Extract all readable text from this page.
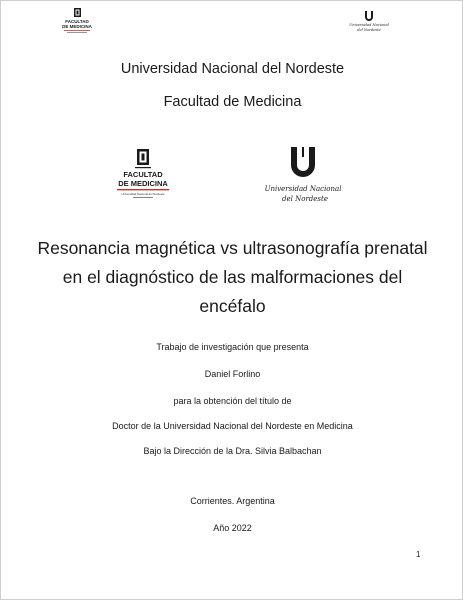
FACULTAD
DE MEDICINA	Universidad Nacional
del Nordeste
Universidad Nacional del Nordeste
Facultad de Medicina
FACULTAD
DE MEDICINA
Universidad Nacional del Nordeste
Universidad Nacional
del Nordeste
Resonancia magnética vs ultrasonografía prenatal
en el diagnóstico de las malformaciones del
encéfalo
Trabajo de investigación que presenta
Daniel Forlino
para la obtención del título de
Doctor de la Universidad Nacional del Nordeste en Medicina
Bajo la Dirección de la Dra. Silvia Balbachan
Corrientes. Argentina
Año 2022
1
